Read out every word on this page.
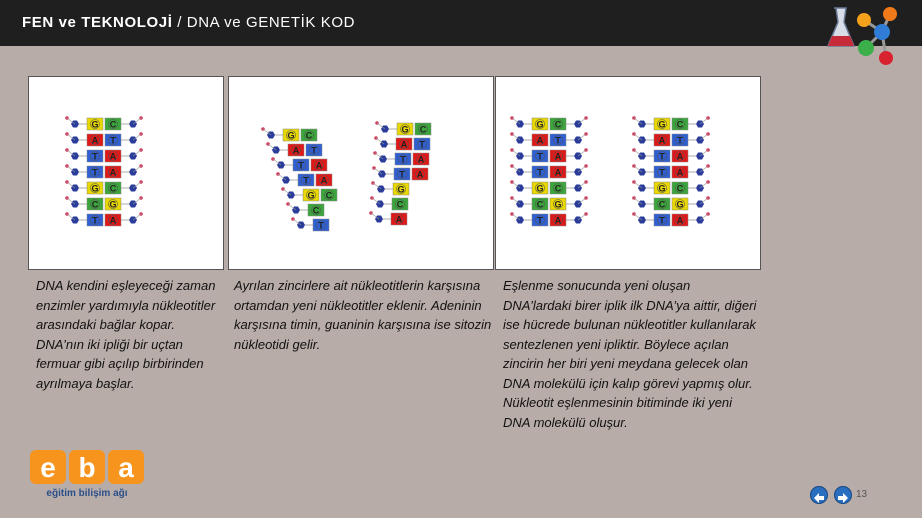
FEN ve TEKNOLOJİ / DNA ve GENETİK KOD
G C
A T
T A
T A
G C
C G
T A
G C
A T
T A
T A
G C
C
T
G C
A T
T A
T A
G
C
A
G C
A T
T A
T A
G C
C G
T A
G C
A T
T A
T A
G C
C G
T A
DNA kendini eşleyeceği zaman enzimler yardımıyla nükleotitler arasındaki bağlar kopar. DNA’nın iki ipliği bir uçtan fermuar gibi açılıp birbirinden ayrılmaya başlar.
Ayrılan zincirlere ait nükleotitlerin karşısına ortamdan yeni nükleotitler eklenir. Adeninin karşısına timin, guaninin karşısına ise sitozin nükleotidi gelir.
Eşlenme sonucunda yeni oluşan DNA’lardaki birer iplik ilk DNA’ya aittir, diğeri ise hücrede bulunan nükleotitler kullanılarak sentezlenen yeni ipliktir. Böylece açılan zincirin her biri yeni meydana gelecek olan DNA molekülü için kalıp görevi yapmış olur. Nükleotit eşlenmesinin bitiminde iki yeni DNA molekülü oluşur.
e b a
eğitim bilişim ağı	13
